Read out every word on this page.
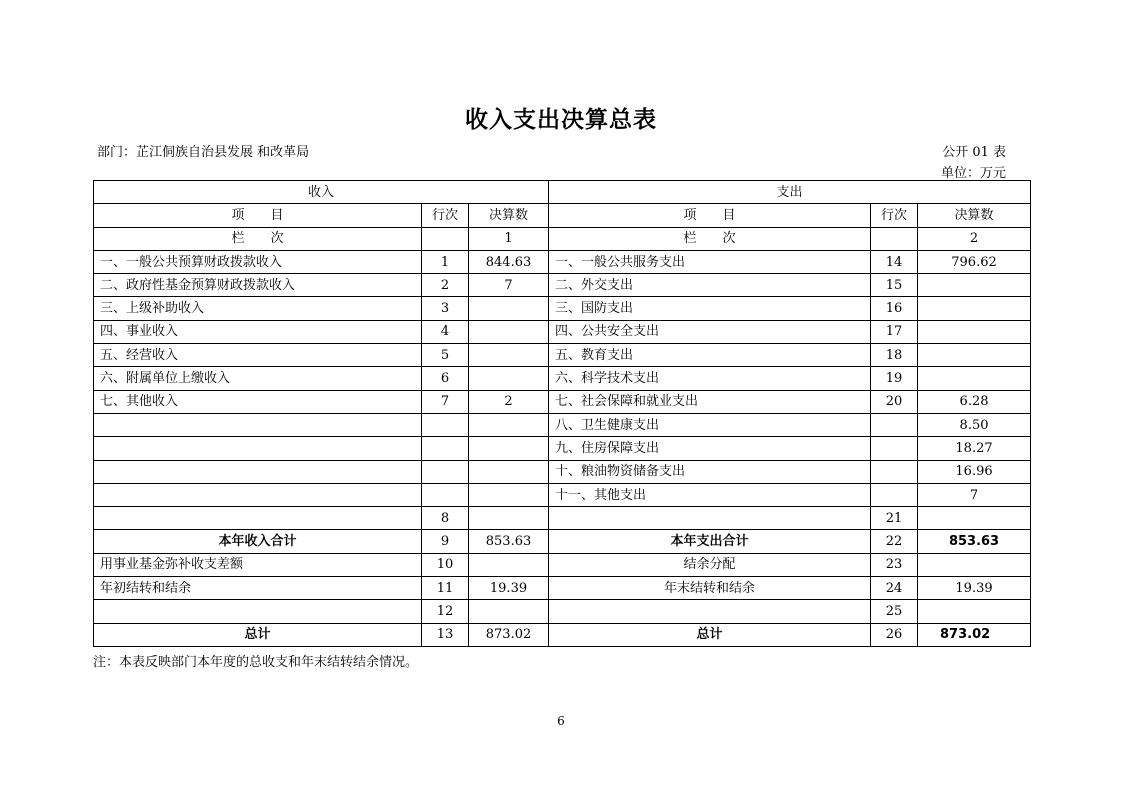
收入支出决算总表
部门：芷江侗族自治县发展 和改革局	公开 01 表
单位：万元
收入			支出		
项　　目	行次	决算数	项　　目	行次	决算数
栏　　次		1	栏　　次		2
一、一般公共预算财政拨款收入	1	844.63	一、一般公共服务支出	14	796.62
二、政府性基金预算财政拨款收入	2	7	二、外交支出	15	
三、上级补助收入	3		三、国防支出	16	
四、事业收入	4		四、公共安全支出	17	
五、经营收入	5		五、教育支出	18	
六、附属单位上缴收入	6		六、科学技术支出	19	
七、其他收入	7	2	七、社会保障和就业支出	20	6.28
			八、卫生健康支出		8.50
			九、住房保障支出		18.27
			十、粮油物资储备支出		16.96
			十一、其他支出		7
	8			21	
本年收入合计	9	853.63	本年支出合计	22	853.63
用事业基金弥补收支差额	10		结余分配	23	
年初结转和结余	11	19.39	年末结转和结余	24	19.39
	12			25	
总计	13	873.02	总计	26	873.02
注：本表反映部门本年度的总收支和年末结转结余情况。
6
